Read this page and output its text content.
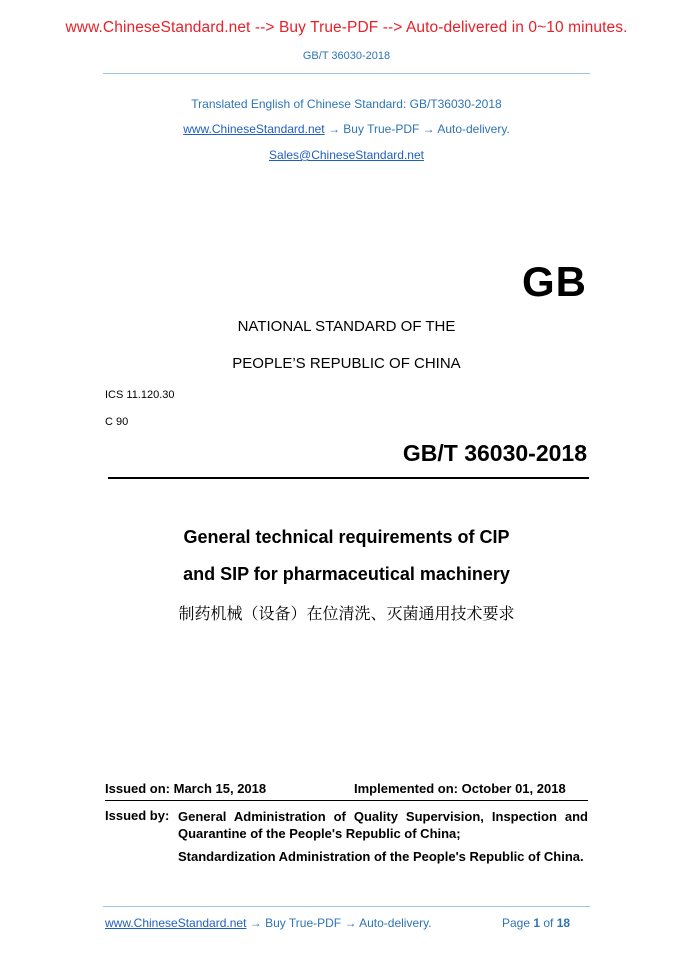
www.ChineseStandard.net --> Buy True-PDF --> Auto-delivered in 0~10 minutes.
GB/T 36030-2018
Translated English of Chinese Standard: GB/T36030-2018
www.ChineseStandard.net → Buy True-PDF → Auto-delivery.
Sales@ChineseStandard.net
GB
NATIONAL STANDARD OF THE
PEOPLE’S REPUBLIC OF CHINA
ICS 11.120.30
C 90
GB/T 36030-2018
General technical requirements of CIP
and SIP for pharmaceutical machinery
制药机械（设备）在位清洗、灭菌通用技术要求
Issued on: March 15, 2018	Implemented on: October 01, 2018
Issued by: General Administration of Quality Supervision, Inspection and Quarantine of the People's Republic of China;
Standardization Administration of the People's Republic of China.
www.ChineseStandard.net → Buy True-PDF → Auto-delivery.	Page 1 of 18
